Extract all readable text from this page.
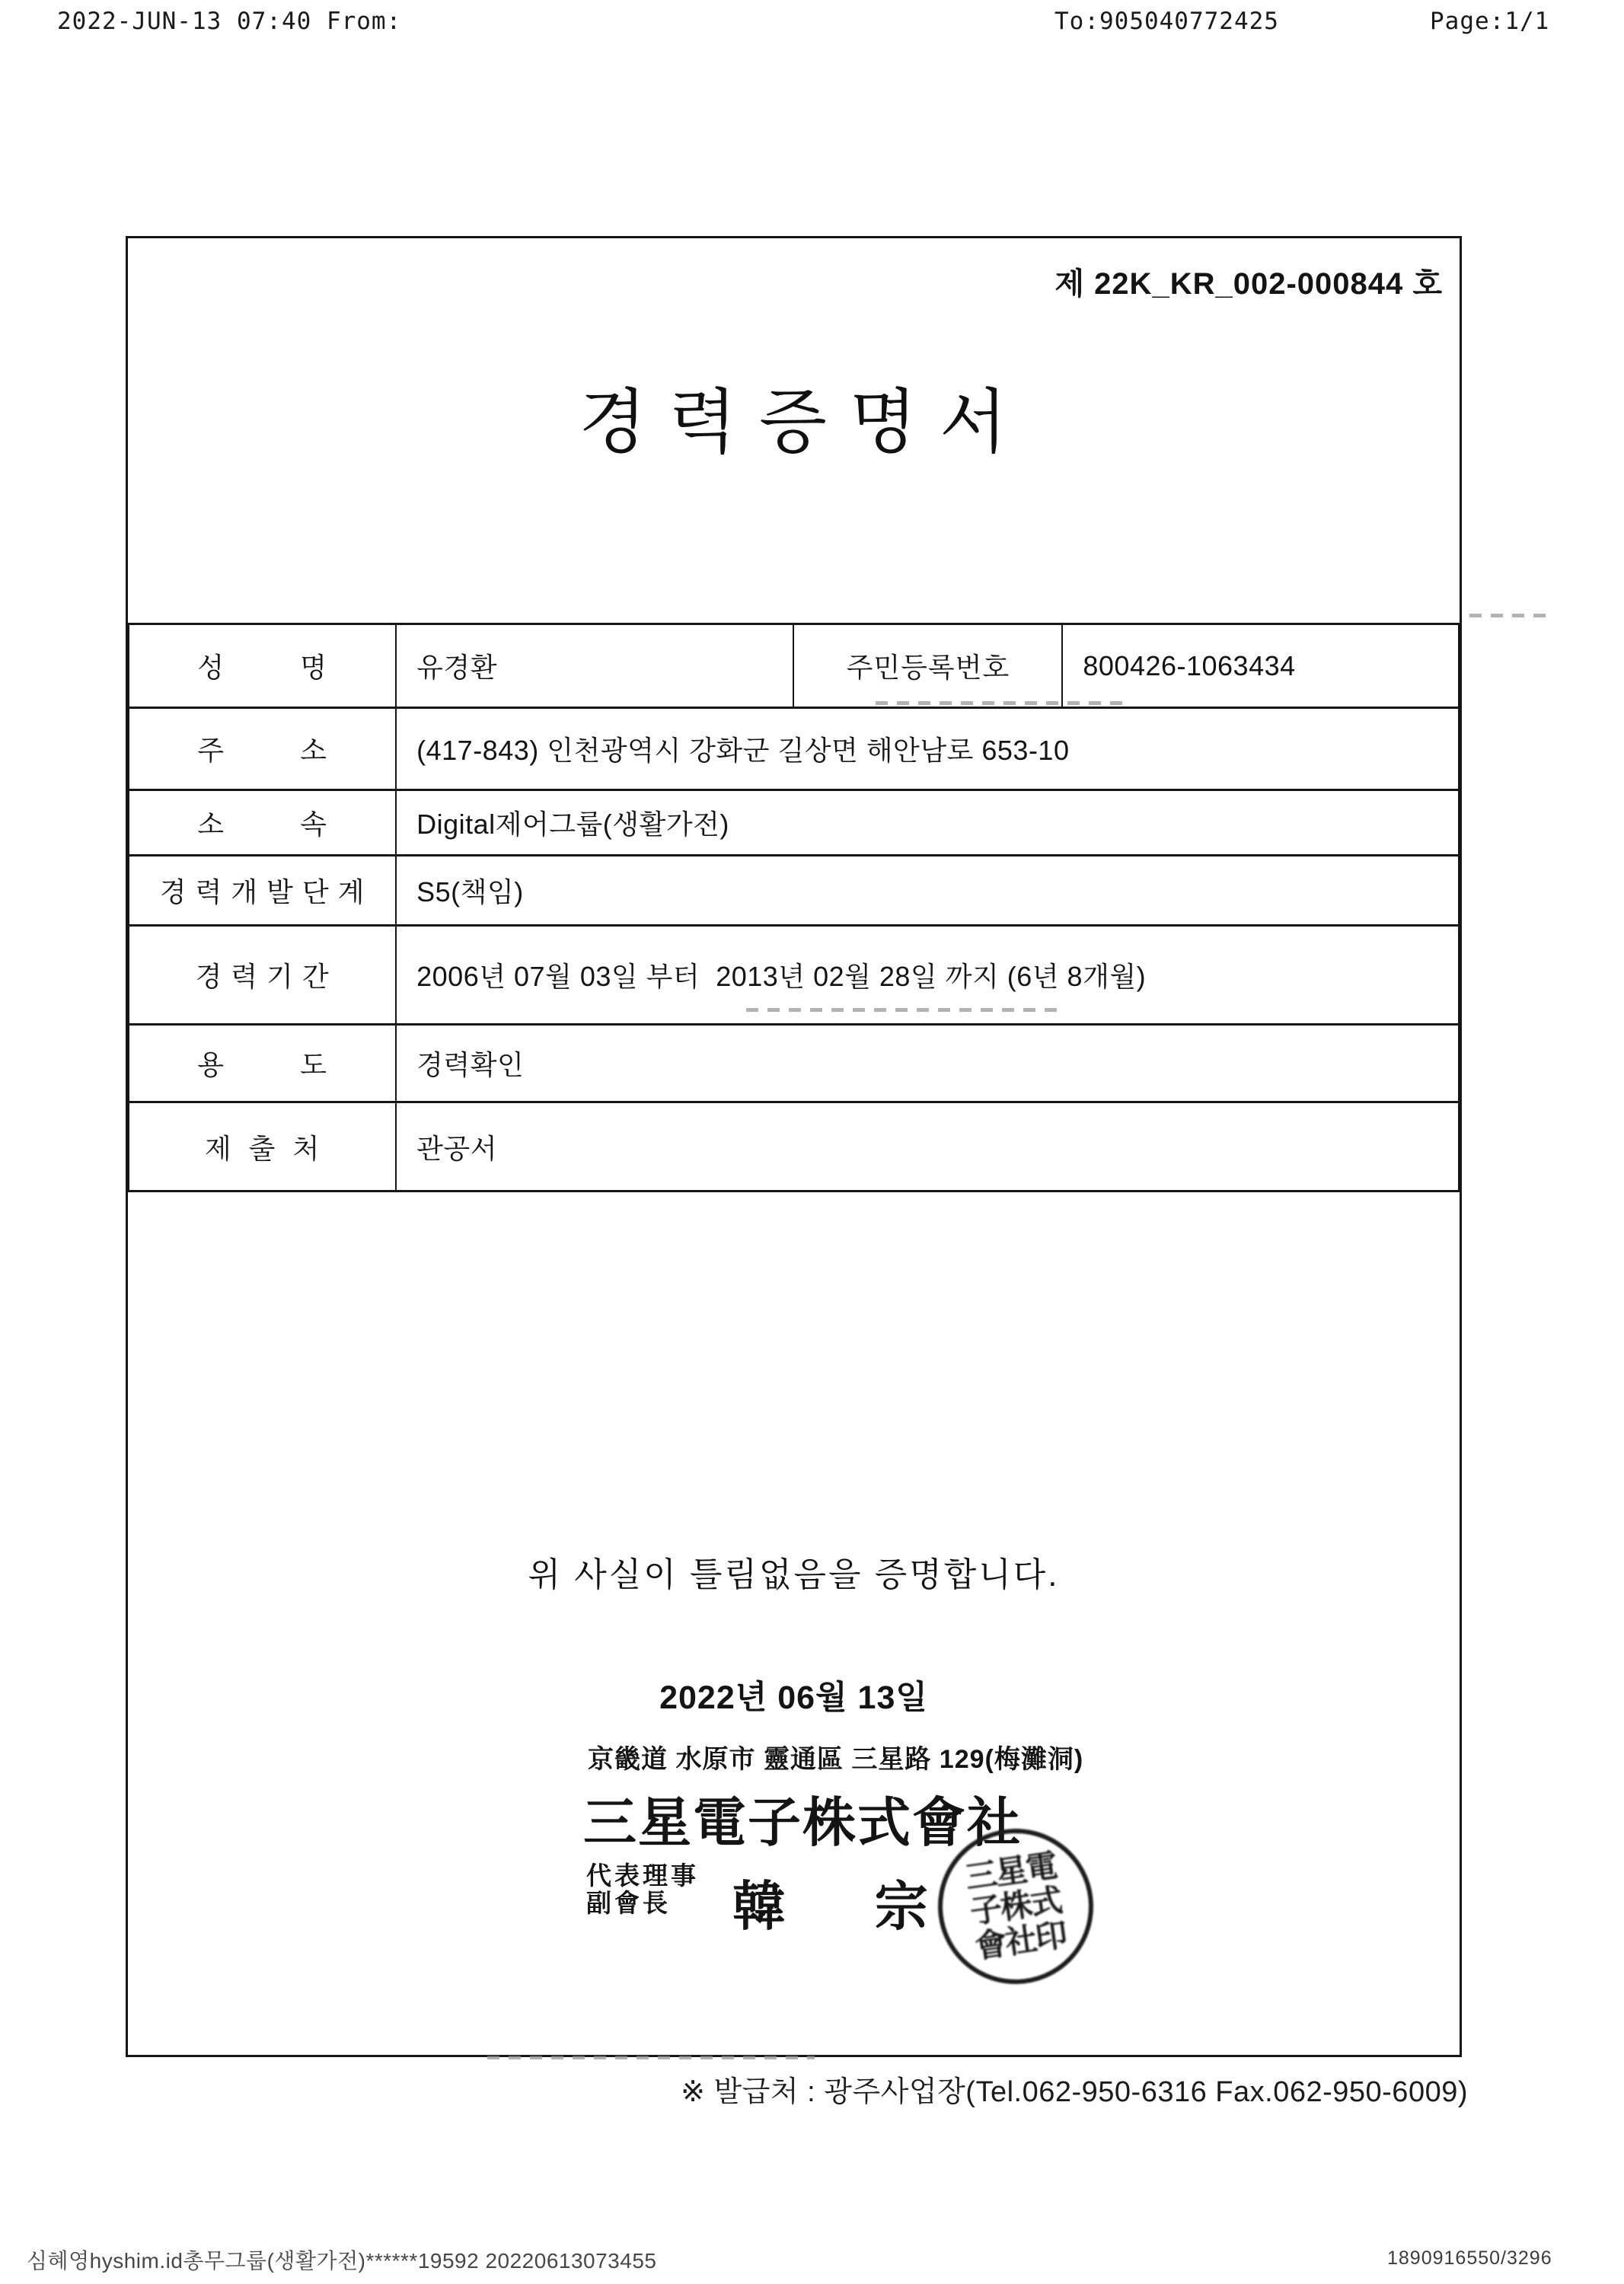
2022-JUN-13 07:40 From:	To:905040772425	Page:1/1
제 22K_KR_002-000844 호
경 력 증 명 서
성         명	유경환	주민등록번호	800426-1063434
주         소	(417-843) 인천광역시 강화군 길상면 해안남로 653-10		
소         속	Digital제어그룹(생활가전)		
경 력 개 발 단 계	S5(책임)		
경 력 기 간	2006년 07월 03일 부터  2013년 02월 28일 까지 (6년 8개월)		
용         도	경력확인		
제  출  처	관공서		
위 사실이 틀림없음을 증명합니다.
2022년 06월 13일
京畿道 水原市 靈通區 三星路 129(梅灘洞)
三星電子株式會社
代表理事
副會長	韓      宗
三星電子株式會社印
※ 발급처 : 광주사업장(Tel.062-950-6316 Fax.062-950-6009)
심혜영hyshim.id총무그룹(생활가전)******19592 20220613073455	1890916550/3296
